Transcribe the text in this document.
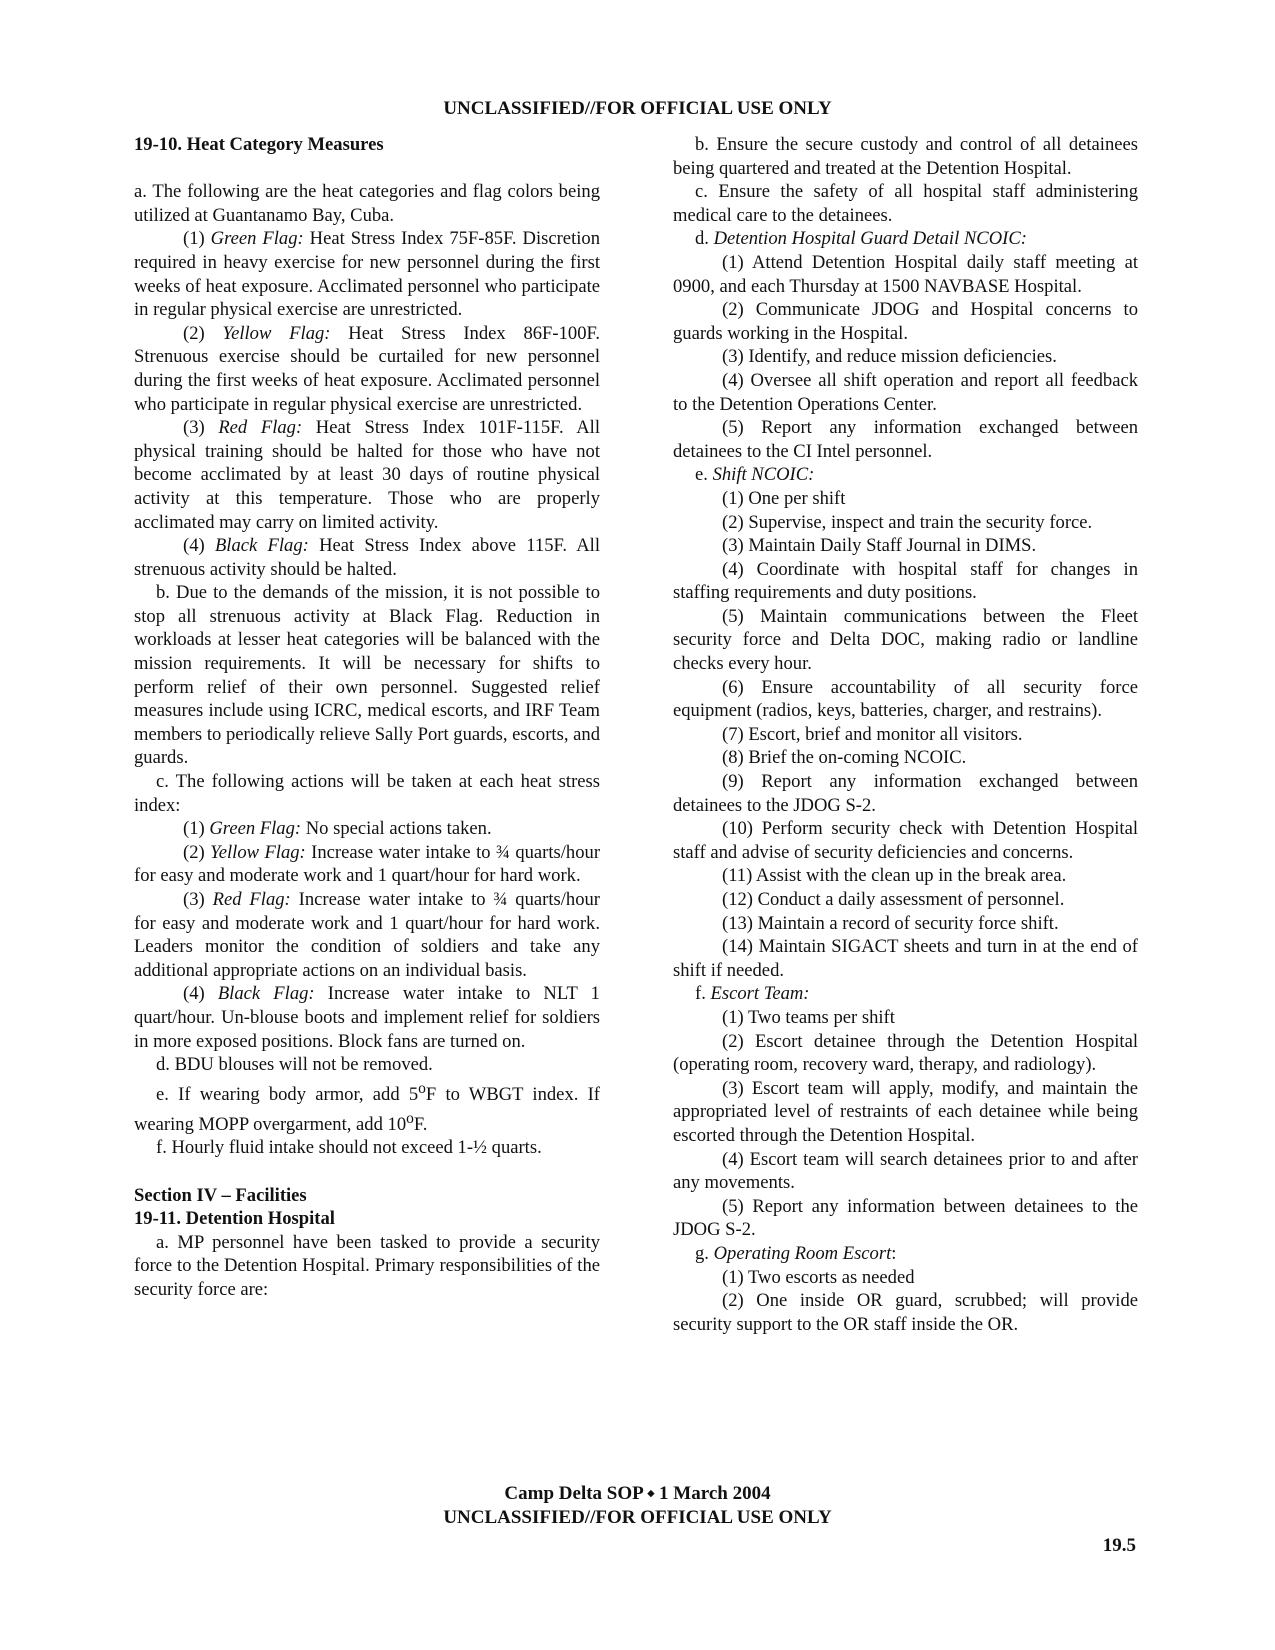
UNCLASSIFIED//FOR OFFICIAL USE ONLY

19-10. Heat Category Measures

a. The following are the heat categories and flag colors being utilized at Guantanamo Bay, Cuba.

(1) Green Flag: Heat Stress Index 75F-85F. Discretion required in heavy exercise for new personnel during the first weeks of heat exposure. Acclimated personnel who participate in regular physical exercise are unrestricted.

(2) Yellow Flag: Heat Stress Index 86F-100F. Strenuous exercise should be curtailed for new personnel during the first weeks of heat exposure. Acclimated personnel who participate in regular physical exercise are unrestricted.

(3) Red Flag: Heat Stress Index 101F-115F. All physical training should be halted for those who have not become acclimated by at least 30 days of routine physical activity at this temperature. Those who are properly acclimated may carry on limited activity.

(4) Black Flag: Heat Stress Index above 115F. All strenuous activity should be halted.

b. Due to the demands of the mission, it is not possible to stop all strenuous activity at Black Flag. Reduction in workloads at lesser heat categories will be balanced with the mission requirements. It will be necessary for shifts to perform relief of their own personnel. Suggested relief measures include using ICRC, medical escorts, and IRF Team members to periodically relieve Sally Port guards, escorts, and guards.

c. The following actions will be taken at each heat stress index:

(1) Green Flag: No special actions taken.

(2) Yellow Flag: Increase water intake to ¾ quarts/hour for easy and moderate work and 1 quart/hour for hard work.

(3) Red Flag: Increase water intake to ¾ quarts/hour for easy and moderate work and 1 quart/hour for hard work. Leaders monitor the condition of soldiers and take any additional appropriate actions on an individual basis.

(4) Black Flag: Increase water intake to NLT 1 quart/hour. Un-blouse boots and implement relief for soldiers in more exposed positions. Block fans are turned on.

d. BDU blouses will not be removed.

e. If wearing body armor, add 5$^o$F to WBGT index. If wearing MOPP overgarment, add 10$^o$F.

f. Hourly fluid intake should not exceed 1-½ quarts.

Section IV – Facilities

19-11. Detention Hospital

a. MP personnel have been tasked to provide a security force to the Detention Hospital. Primary responsibilities of the security force are:

b. Ensure the secure custody and control of all detainees being quartered and treated at the Detention Hospital.

c. Ensure the safety of all hospital staff administering medical care to the detainees.

d. Detention Hospital Guard Detail NCOIC:

(1) Attend Detention Hospital daily staff meeting at 0900, and each Thursday at 1500 NAVBASE Hospital.

(2) Communicate JDOG and Hospital concerns to guards working in the Hospital.

(3) Identify, and reduce mission deficiencies.

(4) Oversee all shift operation and report all feedback to the Detention Operations Center.

(5) Report any information exchanged between detainees to the CI Intel personnel.

e. Shift NCOIC:

(1) One per shift

(2) Supervise, inspect and train the security force.

(3) Maintain Daily Staff Journal in DIMS.

(4) Coordinate with hospital staff for changes in staffing requirements and duty positions.

(5) Maintain communications between the Fleet security force and Delta DOC, making radio or landline checks every hour.

(6) Ensure accountability of all security force equipment (radios, keys, batteries, charger, and restrains).

(7) Escort, brief and monitor all visitors.

(8) Brief the on-coming NCOIC.

(9) Report any information exchanged between detainees to the JDOG S-2.

(10) Perform security check with Detention Hospital staff and advise of security deficiencies and concerns.

(11) Assist with the clean up in the break area.

(12) Conduct a daily assessment of personnel.

(13) Maintain a record of security force shift.

(14) Maintain SIGACT sheets and turn in at the end of shift if needed.

f. Escort Team:

(1) Two teams per shift

(2) Escort detainee through the Detention Hospital (operating room, recovery ward, therapy, and radiology).

(3) Escort team will apply, modify, and maintain the appropriated level of restraints of each detainee while being escorted through the Detention Hospital.

(4) Escort team will search detainees prior to and after any movements.

(5) Report any information between detainees to the JDOG S-2.

g. Operating Room Escort:

(1) Two escorts as needed

(2) One inside OR guard, scrubbed; will provide security support to the OR staff inside the OR.

Camp Delta SOP ⬩ 1 March 2004
UNCLASSIFIED//FOR OFFICIAL USE ONLY
19.5
